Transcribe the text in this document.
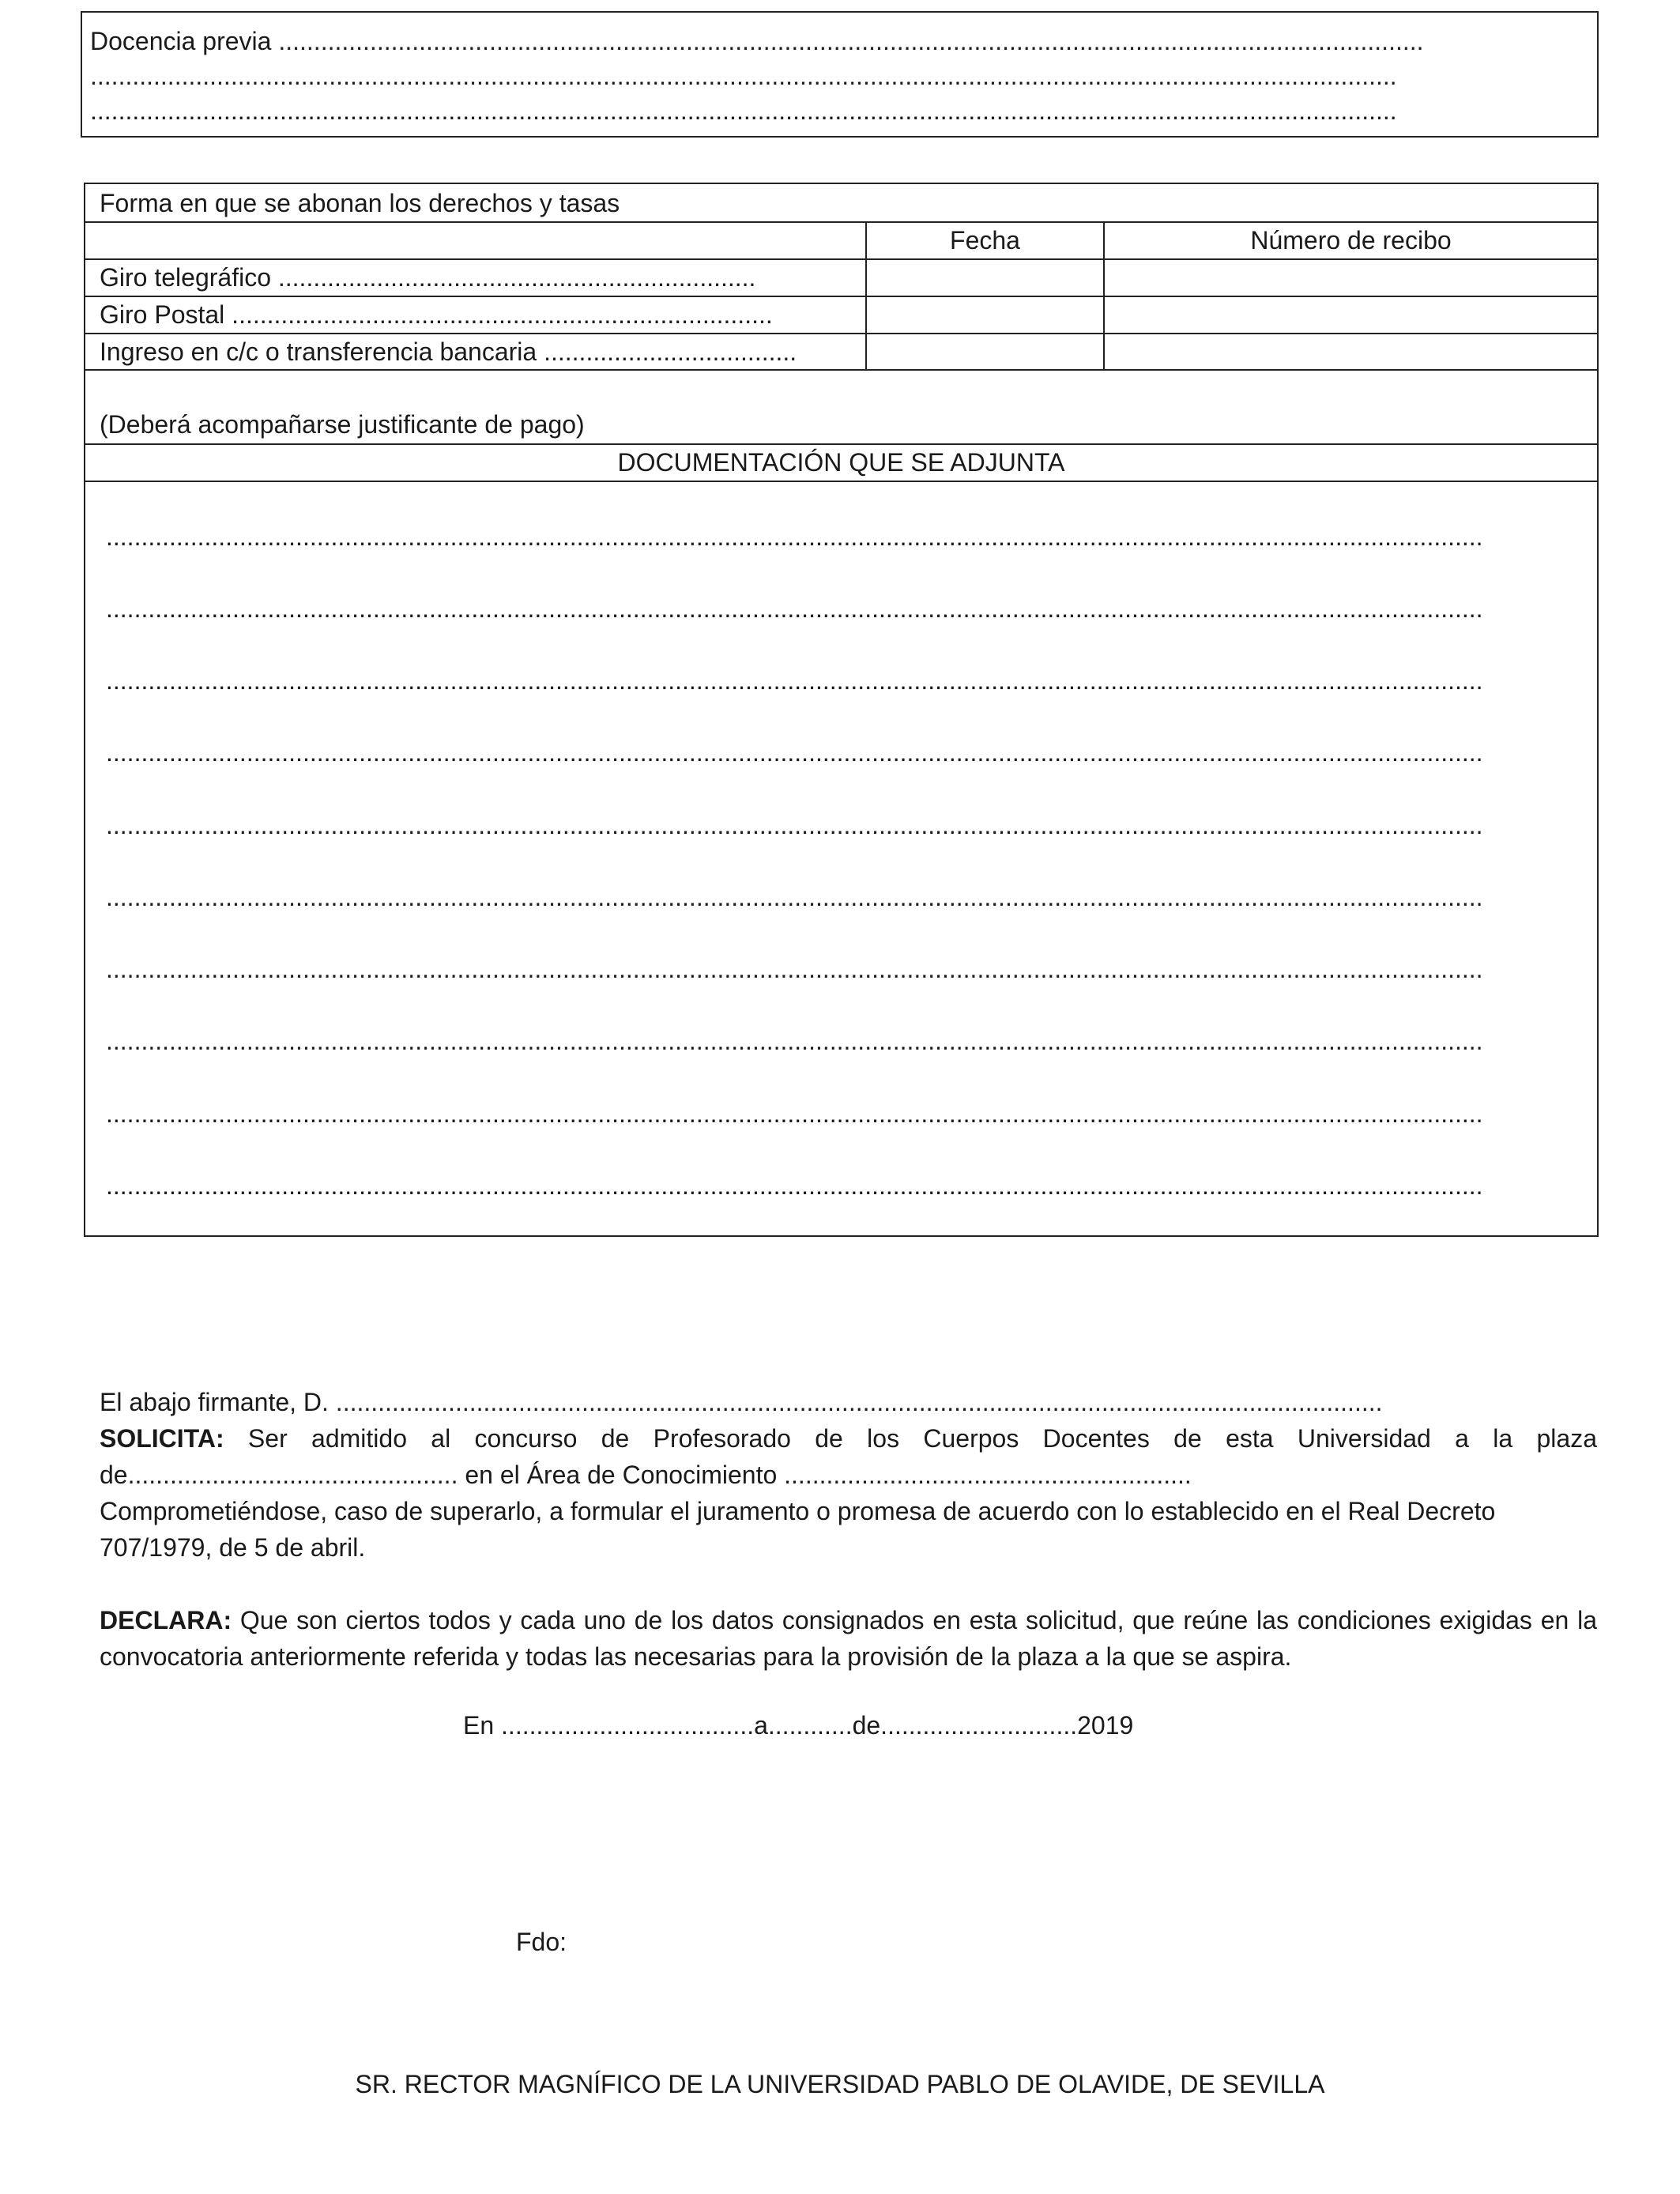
Docencia previa ...................................................................................................................................................................
..........................................................................................................................................................................................
..........................................................................................................................................................................................
Forma en que se abonan los derechos y tasas
Fecha	Número de recibo
Giro telegráfico ....................................................................
Giro Postal .............................................................................
Ingreso en c/c o transferencia bancaria ....................................
(Deberá acompañarse justificante de pago)
DOCUMENTACIÓN QUE SE ADJUNTA
....................................................................................................................................................................................................
....................................................................................................................................................................................................
....................................................................................................................................................................................................
....................................................................................................................................................................................................
....................................................................................................................................................................................................
....................................................................................................................................................................................................
....................................................................................................................................................................................................
....................................................................................................................................................................................................
....................................................................................................................................................................................................
....................................................................................................................................................................................................
El abajo firmante, D. .....................................................................................................................................................
SOLICITA: Ser admitido al concurso de Profesorado de los Cuerpos Docentes de esta Universidad a la plaza
de............................................... en el Área de Conocimiento ..........................................................
Comprometiéndose, caso de superarlo, a formular el juramento o promesa de acuerdo con lo establecido en el Real Decreto 707/1979, de 5 de abril.
DECLARA: Que son ciertos todos y cada uno de los datos consignados en esta solicitud, que reúne las condiciones exigidas en la convocatoria anteriormente referida y todas las necesarias para la provisión de la plaza a la que se aspira.
En ....................................a............de............................2019
Fdo:
SR. RECTOR MAGNÍFICO DE LA UNIVERSIDAD PABLO DE OLAVIDE, DE SEVILLA
